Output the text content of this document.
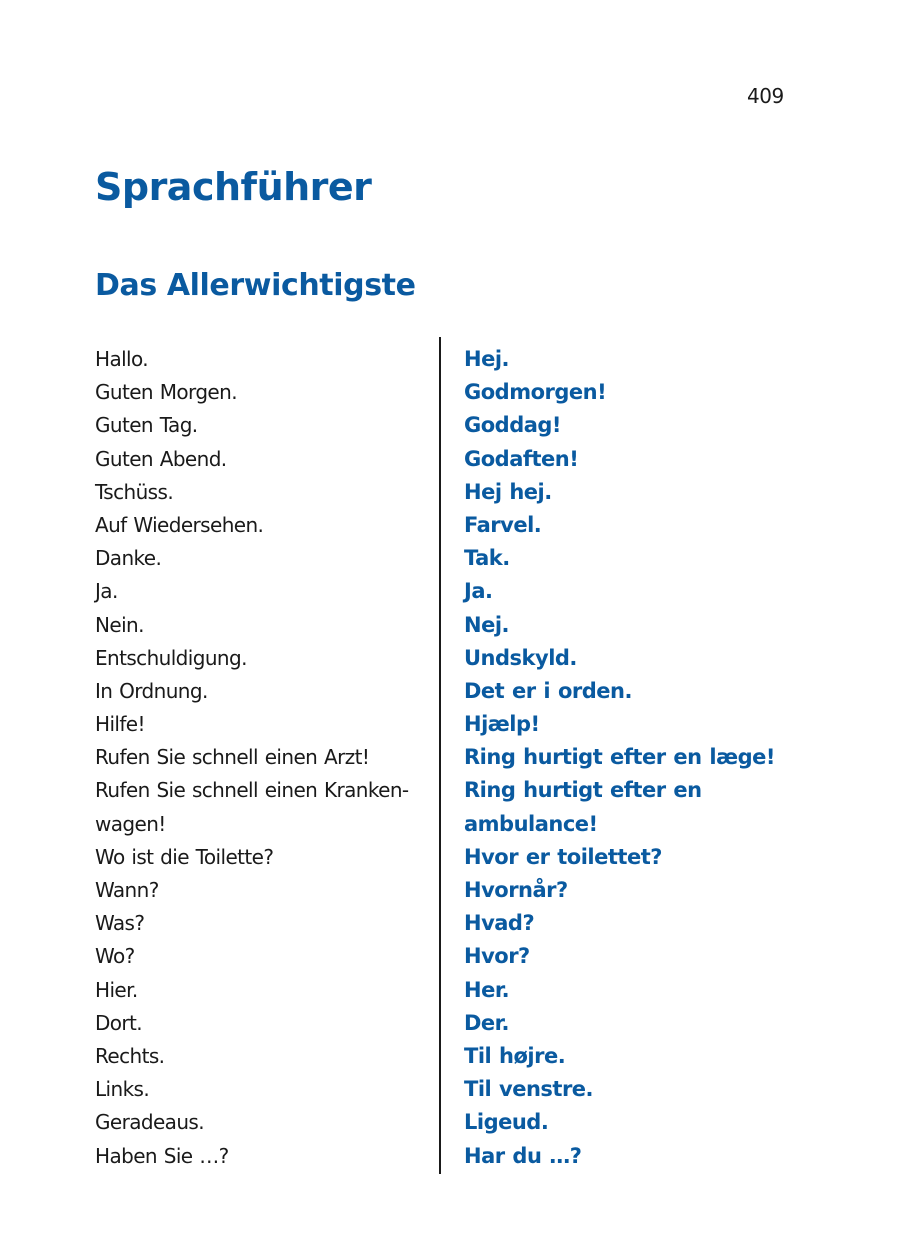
409
Sprachführer
Das Allerwichtigste
Hallo.	Hej.
Guten Morgen.	Godmorgen!
Guten Tag.	Goddag!
Guten Abend.	Godaften!
Tschüss.	Hej hej.
Auf Wiedersehen.	Farvel.
Danke.	Tak.
Ja.	Ja.
Nein.	Nej.
Entschuldigung.	Undskyld.
In Ordnung.	Det er i orden.
Hilfe!	Hjælp!
Rufen Sie schnell einen Arzt!	Ring hurtigt efter en læge!
Rufen Sie schnell einen Kranken-	Ring hurtigt efter en
wagen!	ambulance!
Wo ist die Toilette?	Hvor er toilettet?
Wann?	Hvornår?
Was?	Hvad?
Wo?	Hvor?
Hier.	Her.
Dort.	Der.
Rechts.	Til højre.
Links.	Til venstre.
Geradeaus.	Ligeud.
Haben Sie …?	Har du …?
